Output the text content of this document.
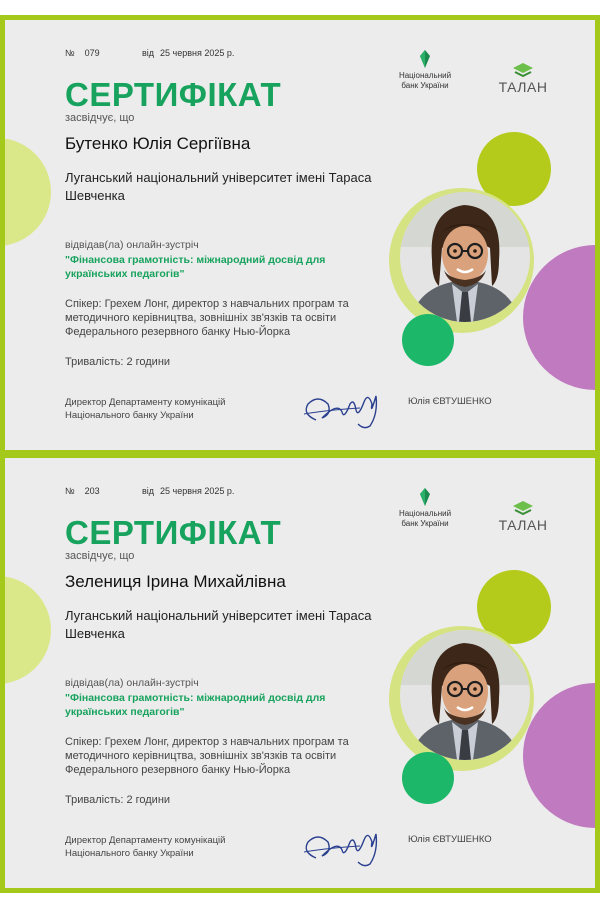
№ 079	від 25 червня 2025 р.
Національний банк України	ТАЛАН
СЕРТИФІКАТ
засвідчує, що
Бутенко Юлія Сергіївна
Луганський національний університет імені Тараса Шевченка
відвідав(ла) онлайн-зустріч
"Фінансова грамотність: міжнародний досвід для українських педагогів"
Спікер: Грехем Лонг, директор з навчальних програм та методичного керівництва, зовнішніх зв'язків та освіти Федерального резервного банку Нью-Йорка
Тривалість: 2 години
Директор Департаменту комунікацій Національного банку України
Юлія ЄВТУШЕНКО
№ 203	від 25 червня 2025 р.
Національний банк України	ТАЛАН
СЕРТИФІКАТ
засвідчує, що
Зелениця Ірина Михайлівна
Луганський національний університет імені Тараса Шевченка
відвідав(ла) онлайн-зустріч
"Фінансова грамотність: міжнародний досвід для українських педагогів"
Спікер: Грехем Лонг, директор з навчальних програм та методичного керівництва, зовнішніх зв'язків та освіти Федерального резервного банку Нью-Йорка
Тривалість: 2 години
Директор Департаменту комунікацій Національного банку України
Юлія ЄВТУШЕНКО
